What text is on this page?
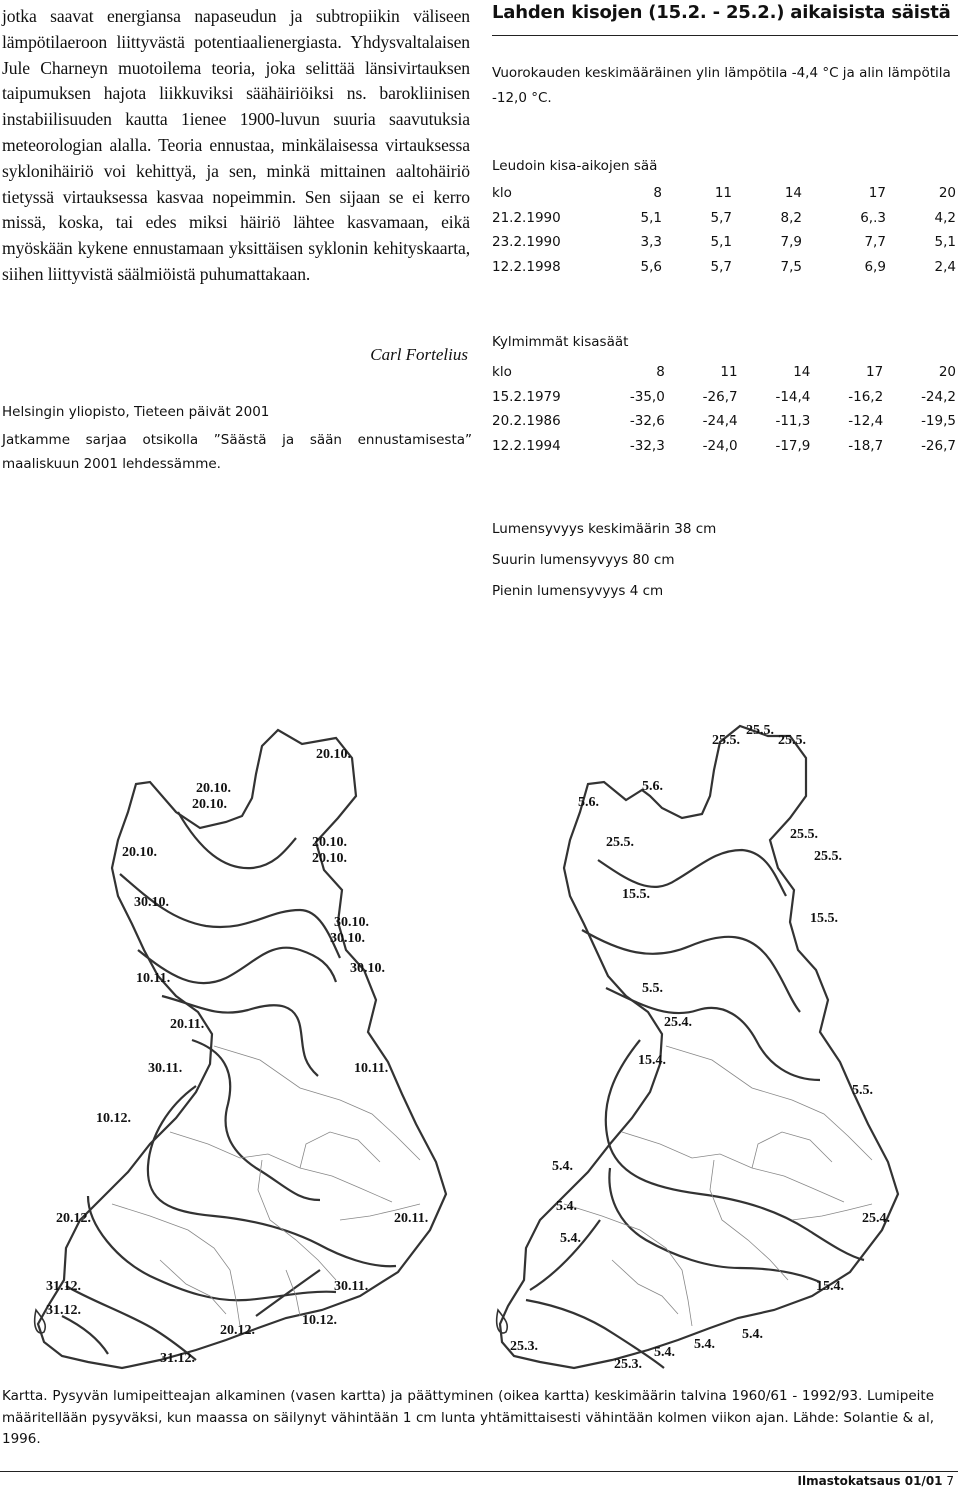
jotka saavat energiansa napaseudun ja subtropiikin väliseen lämpötilaeroon liittyvästä potentiaalienergiasta. Yhdysvaltalaisen Jule Charneyn muotoilema teoria, joka selittää länsivirtauksen taipumuksen hajota liikkuviksi säähäiriöiksi ns. barokliinisen instabiilisuuden kautta 1ienee 1900-luvun suuria saavutuksia meteorologian alalla. Teoria ennustaa, minkälaisessa virtauksessa syklonihäiriö voi kehittyä, ja sen, minkä mittainen aaltohäiriö tietyssä virtauksessa kasvaa nopeimmin. Sen sijaan se ei kerro missä, koska, tai edes miksi häiriö lähtee kasvamaan, eikä myöskään kykene ennustamaan yksittäisen syklonin kehityskaarta, siihen liittyvistä säälmiöistä puhumattakaan.

Carl Fortelius
Helsingin yliopisto, Tieteen päivät 2001
Jatkamme sarjaa otsikolla ”Säästä ja sään ennustamisesta” maaliskuun 2001 lehdessämme.
Lahden kisojen (15.2. - 25.2.) aikaisista säistä
Vuorokauden keskimääräinen ylin lämpötila -4,4 °C ja alin lämpötila -12,0 °C.
Leudoin kisa-aikojen sää
klo	8	11	14	17	20
21.2.1990	5,1	5,7	8,2	6,.3	4,2
23.2.1990	3,3	5,1	7,9	7,7	5,1
12.2.1998	5,6	5,7	7,5	6,9	2,4
Kylmimmät kisasäät
klo	8	11	14	17	20
15.2.1979	-35,0	-26,7	-14,4	-16,2	-24,2
20.2.1986	-32,6	-24,4	-11,3	-12,4	-19,5
12.2.1994	-32,3	-24,0	-17,9	-18,7	-26,7
Lumensyvyys keskimäärin 38 cm
Suurin lumensyvyys 80 cm
Pienin lumensyvyys 4 cm
20.10.
20.10.
20.10.
20.10.
20.10.
20.10.
30.10.
30.10.
30.10.
30.10.
10.11.
20.11.
30.11.	10.11.
10.12.
20.12.	20.11.
31.12.
31.12.
30.11.
10.12.
20.12.
31.12.
25.5.
25.5.
25.5.
5.6.
5.6.
25.5.
25.5.
25.5.
15.5.
15.5.
5.5.
25.4.
15.4.
5.5.
5.4.
5.4.
5.4.
25.4.
15.4.
25.3.
5.4.
5.4.
5.4.
25.3.
Kartta. Pysyvän lumipeitteajan alkaminen (vasen kartta) ja päättyminen (oikea kartta) keskimäärin talvina 1960/61 - 1992/93. Lumipeite määritellään pysyväksi, kun maassa on säilynyt vähintään 1 cm lunta yhtämittaisesti vähintään kolmen viikon ajan. Lähde: Solantie & al, 1996.
Ilmastokatsaus 01/01 7
